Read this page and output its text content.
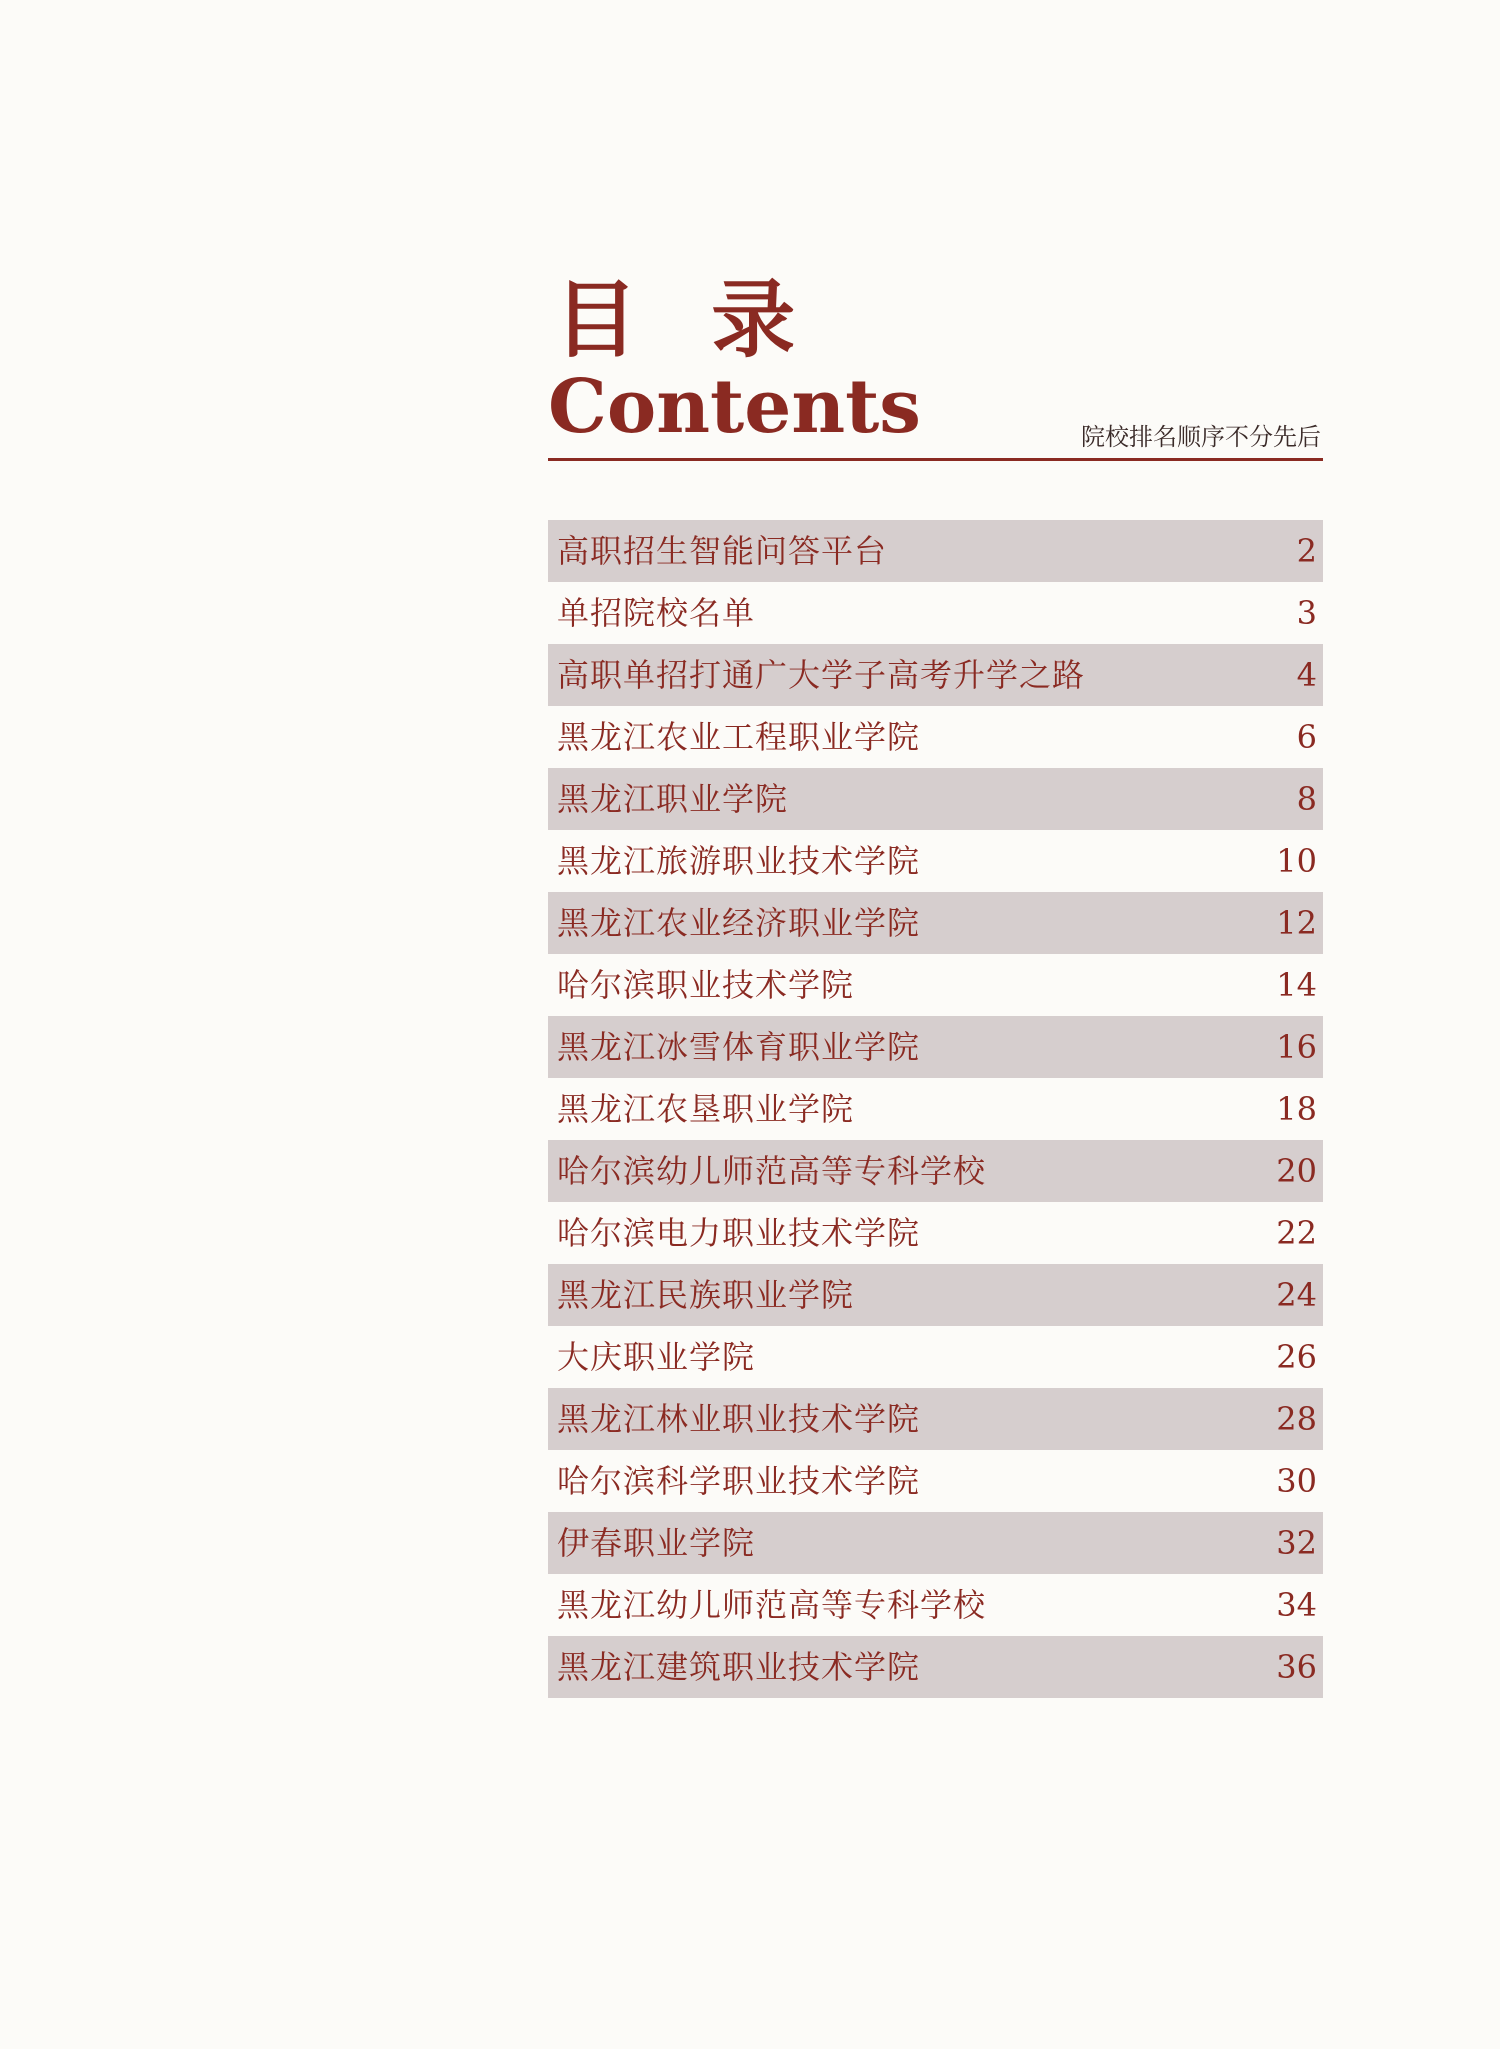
目 录
Contents	院校排名顺序不分先后
高职招生智能问答平台	2
单招院校名单	3
高职单招打通广大学子高考升学之路	4
黑龙江农业工程职业学院	6
黑龙江职业学院	8
黑龙江旅游职业技术学院	10
黑龙江农业经济职业学院	12
哈尔滨职业技术学院	14
黑龙江冰雪体育职业学院	16
黑龙江农垦职业学院	18
哈尔滨幼儿师范高等专科学校	20
哈尔滨电力职业技术学院	22
黑龙江民族职业学院	24
大庆职业学院	26
黑龙江林业职业技术学院	28
哈尔滨科学职业技术学院	30
伊春职业学院	32
黑龙江幼儿师范高等专科学校	34
黑龙江建筑职业技术学院	36
